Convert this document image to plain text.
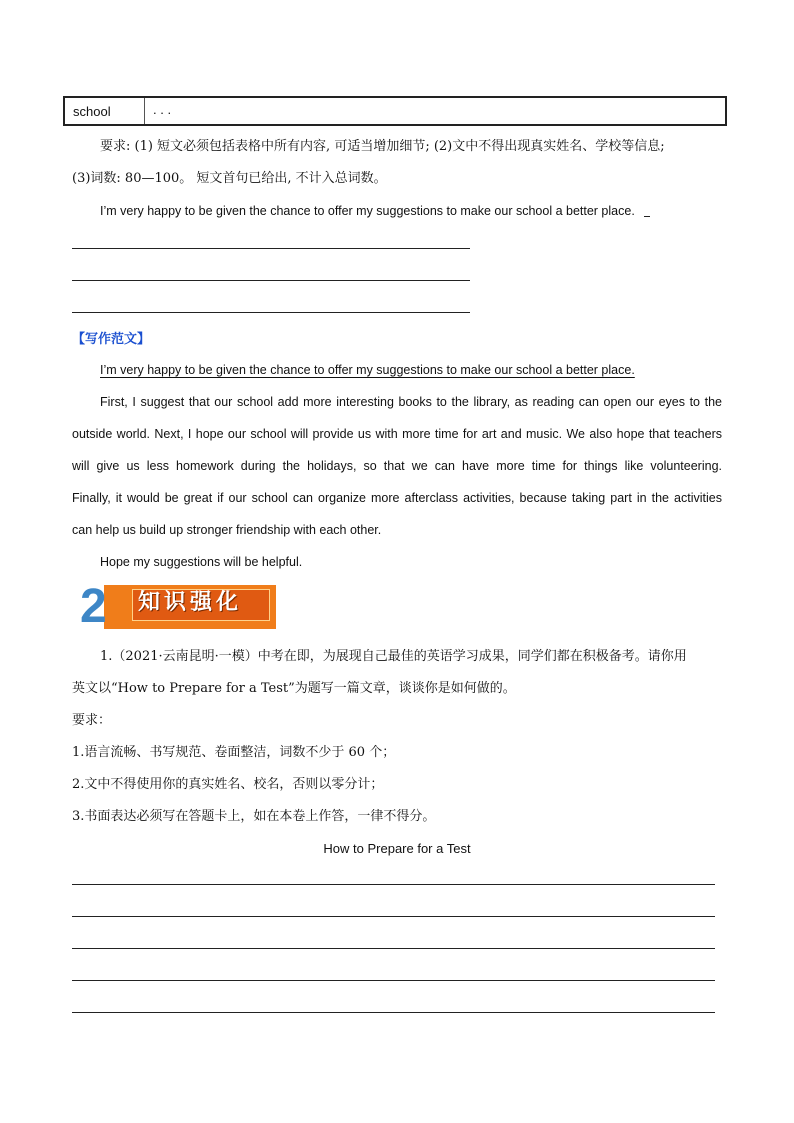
school	. . .
要求: (1) 短文必须包括表格中所有内容, 可适当增加细节; (2)文中不得出现真实姓名、学校等信息;
(3)词数: 80—100。 短文首句已给出, 不计入总词数。
I’m very happy to be given the chance to offer my suggestions to make our school a better place.
【写作范文】
I’m very happy to be given the chance to offer my suggestions to make our school a better place.
First, I suggest that our school add more interesting books to the library, as reading can open our eyes to the
outside world. Next, I hope our school will provide us with more time for art and music. We also hope that teachers
will give us less homework during the holidays, so that we can have more time for things like volunteering.
Finally, it would be great if our school can organize more afterclass activities, because taking part in the activities
can help us build up stronger friendship with each other.
Hope my suggestions will be helpful.
2 知识强化
1.（2021·云南昆明·一模）中考在即，为展现自己最佳的英语学习成果，同学们都在积极备考。请你用
英文以“How to Prepare for a Test”为题写一篇文章，谈谈你是如何做的。
要求：
1.语言流畅、书写规范、卷面整洁，词数不少于 60 个；
2.文中不得使用你的真实姓名、校名，否则以零分计；
3.书面表达必须写在答题卡上，如在本卷上作答，一律不得分。
How to Prepare for a Test
